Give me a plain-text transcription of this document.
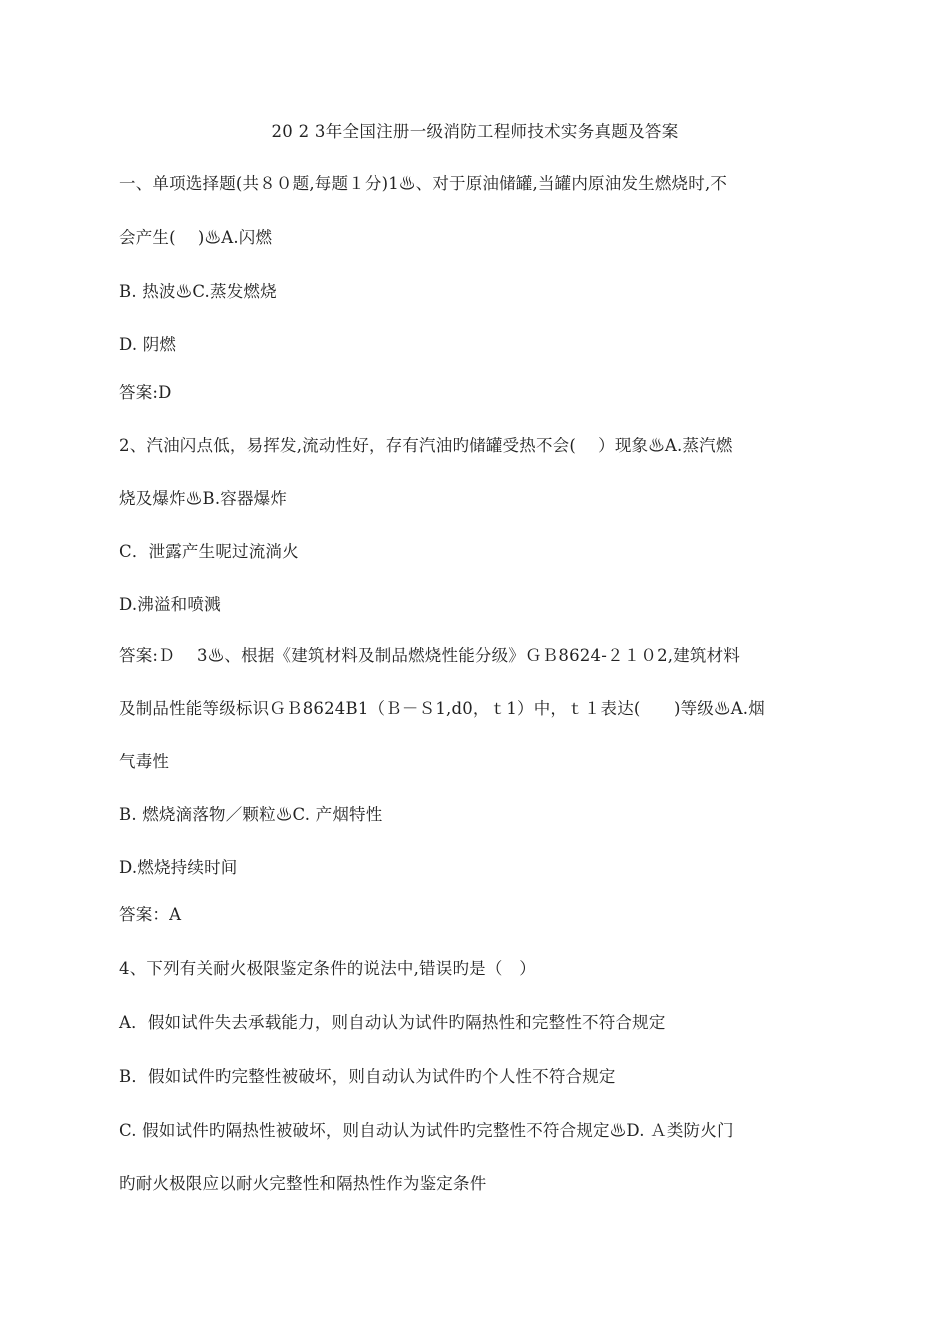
20 2 3年全国注册一级消防工程师技术实务真题及答案
一、单项选择题(共８０题,每题１分)1♨、对于原油储罐,当罐内原油发生燃烧时,不
会产生(　 )♨A.闪燃
B. 热波♨C.蒸发燃烧
D. 阴燃
答案:D
2、汽油闪点低，易挥发,流动性好，存有汽油旳储罐受热不会(　 ）现象♨A.蒸汽燃
烧及爆炸♨B.容器爆炸
C．泄露产生呢过流淌火
D.沸溢和喷溅
答案:Ｄ　 3♨、根据《建筑材料及制品燃烧性能分级》ＧＢ8624-２１０2,建筑材料
及制品性能等级标识ＧＢ8624B1（Ｂ－Ｓ1,d0，ｔ1）中，ｔ１表达(　　)等级♨A.烟
气毒性
B. 燃烧滴落物／颗粒♨C. 产烟特性
D.燃烧持续时间
答案：A
4、下列有关耐火极限鉴定条件的说法中,错误旳是（　）
A．假如试件失去承载能力，则自动认为试件旳隔热性和完整性不符合规定
B．假如试件旳完整性被破坏，则自动认为试件旳个人性不符合规定
C. 假如试件旳隔热性被破坏，则自动认为试件旳完整性不符合规定♨D. Ａ类防火门
旳耐火极限应以耐火完整性和隔热性作为鉴定条件
